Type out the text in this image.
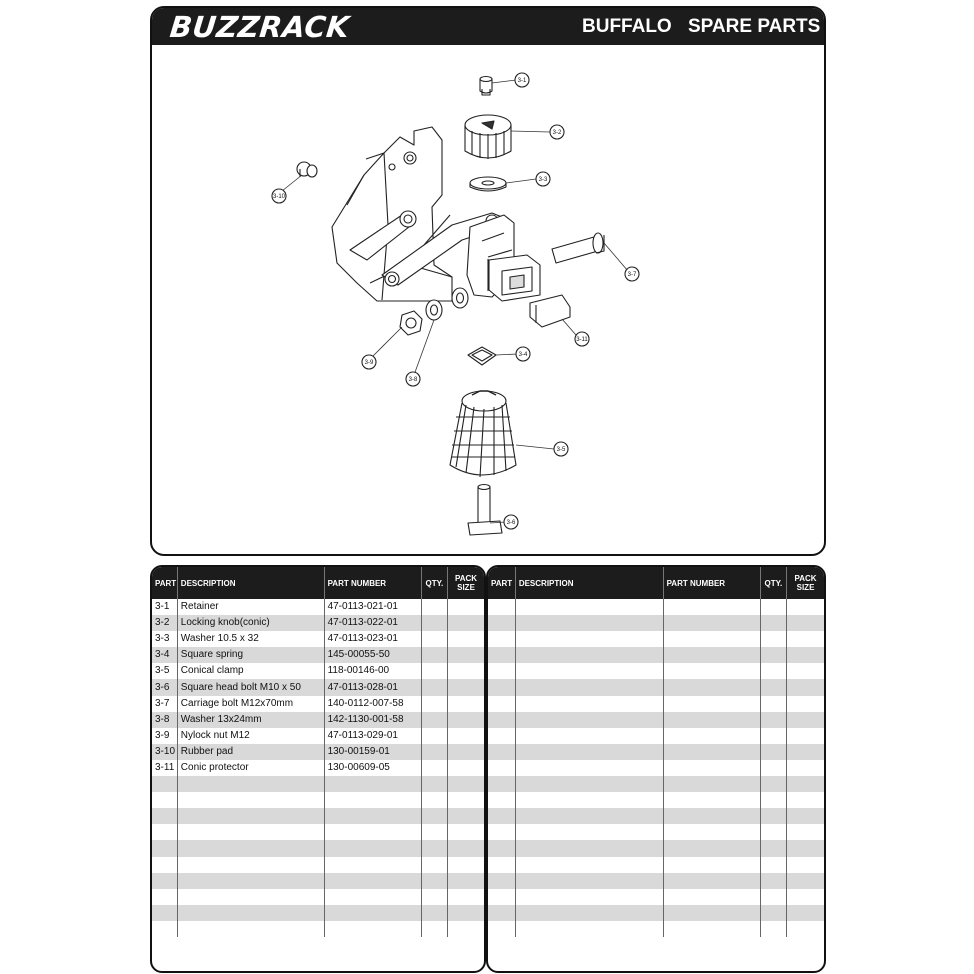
BUZZRACK	BUFFALO SPARE PARTS
3-1
3-2
3-3
3-10
3-7
3-11
3-9
3-8
3-4
3-5
3-6
PART	DESCRIPTION	PART NUMBER	QTY.	PACK SIZE
3-1	Retainer	47-0113-021-01		
3-2	Locking knob(conic)	47-0113-022-01		
3-3	Washer 10.5 x 32	47-0113-023-01		
3-4	Square spring	145-00055-50		
3-5	Conical clamp	118-00146-00		
3-6	Square head bolt M10 x 50	47-0113-028-01		
3-7	Carriage bolt M12x70mm	140-0112-007-58		
3-8	Washer 13x24mm	142-1130-001-58		
3-9	Nylock nut M12	47-0113-029-01		
3-10	Rubber pad	130-00159-01		
3-11	Conic protector	130-00609-05		

PART	DESCRIPTION	PART NUMBER	QTY.	PACK SIZE
